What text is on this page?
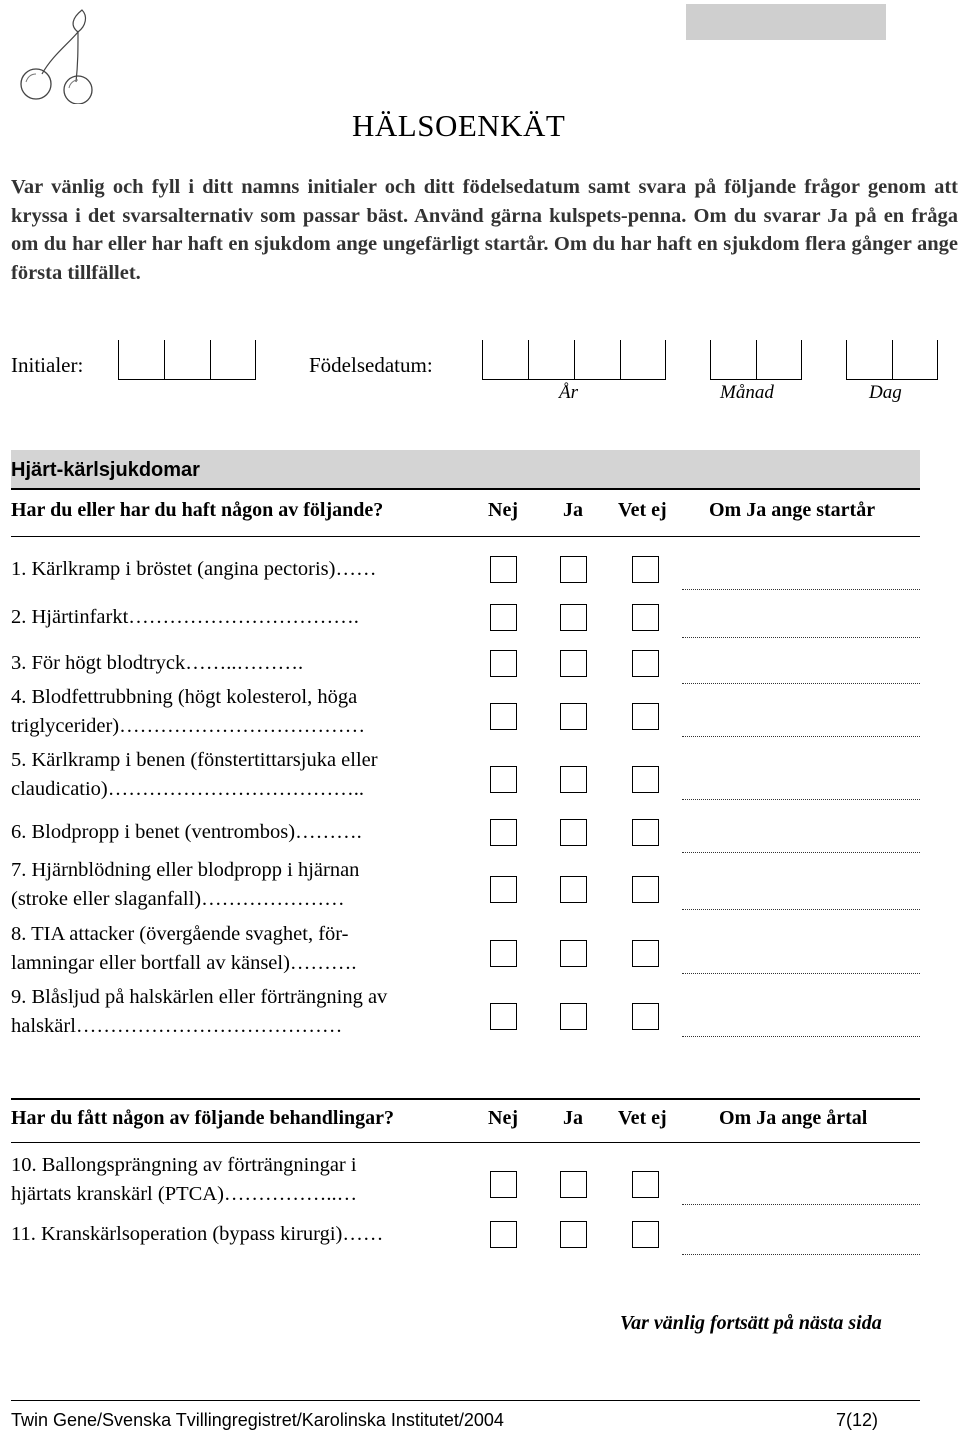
HÄLSOENKÄT
Var vänlig och fyll i ditt namns initialer och ditt födelsedatum samt svara på följande frågor genom att kryssa i det svarsalternativ som passar bäst. Använd gärna kulspets-penna. Om du svarar Ja på en fråga om du har eller har haft en sjukdom ange ungefärligt startår. Om du har haft en sjukdom flera gånger ange första tillfället.
Initialer:	Födelsedatum:
År	Månad	Dag
Hjärt-kärlsjukdomar
Har du eller har du haft någon av följande?	Nej Ja Vet ej Om Ja ange startår
1. Kärlkramp i bröstet (angina pectoris)……
2. Hjärtinfarkt…………………………….
3. För högt blodtryck……..……….
4. Blodfettrubbning (högt kolesterol, höga
triglycerider)………………………………
5. Kärlkramp i benen (fönstertittarsjuka eller
claudicatio)………………………………..
6. Blodpropp i benet (ventrombos)……….
7. Hjärnblödning eller blodpropp i hjärnan
(stroke eller slaganfall)…………………
8. TIA attacker (övergående svaghet, för-
lamningar eller bortfall av känsel)……….
9. Blåsljud på halskärlen eller förträngning av
halskärl…………………………………
Har du fått någon av följande behandlingar?	Nej Ja Vet ej	Om Ja ange årtal
10. Ballongsprängning av förträngningar i
hjärtats kranskärl (PTCA)……………..…
11. Kranskärlsoperation (bypass kirurgi)……
Var vänlig fortsätt på nästa sida
Twin Gene/Svenska Tvillingregistret/Karolinska Institutet/2004	7(12)
